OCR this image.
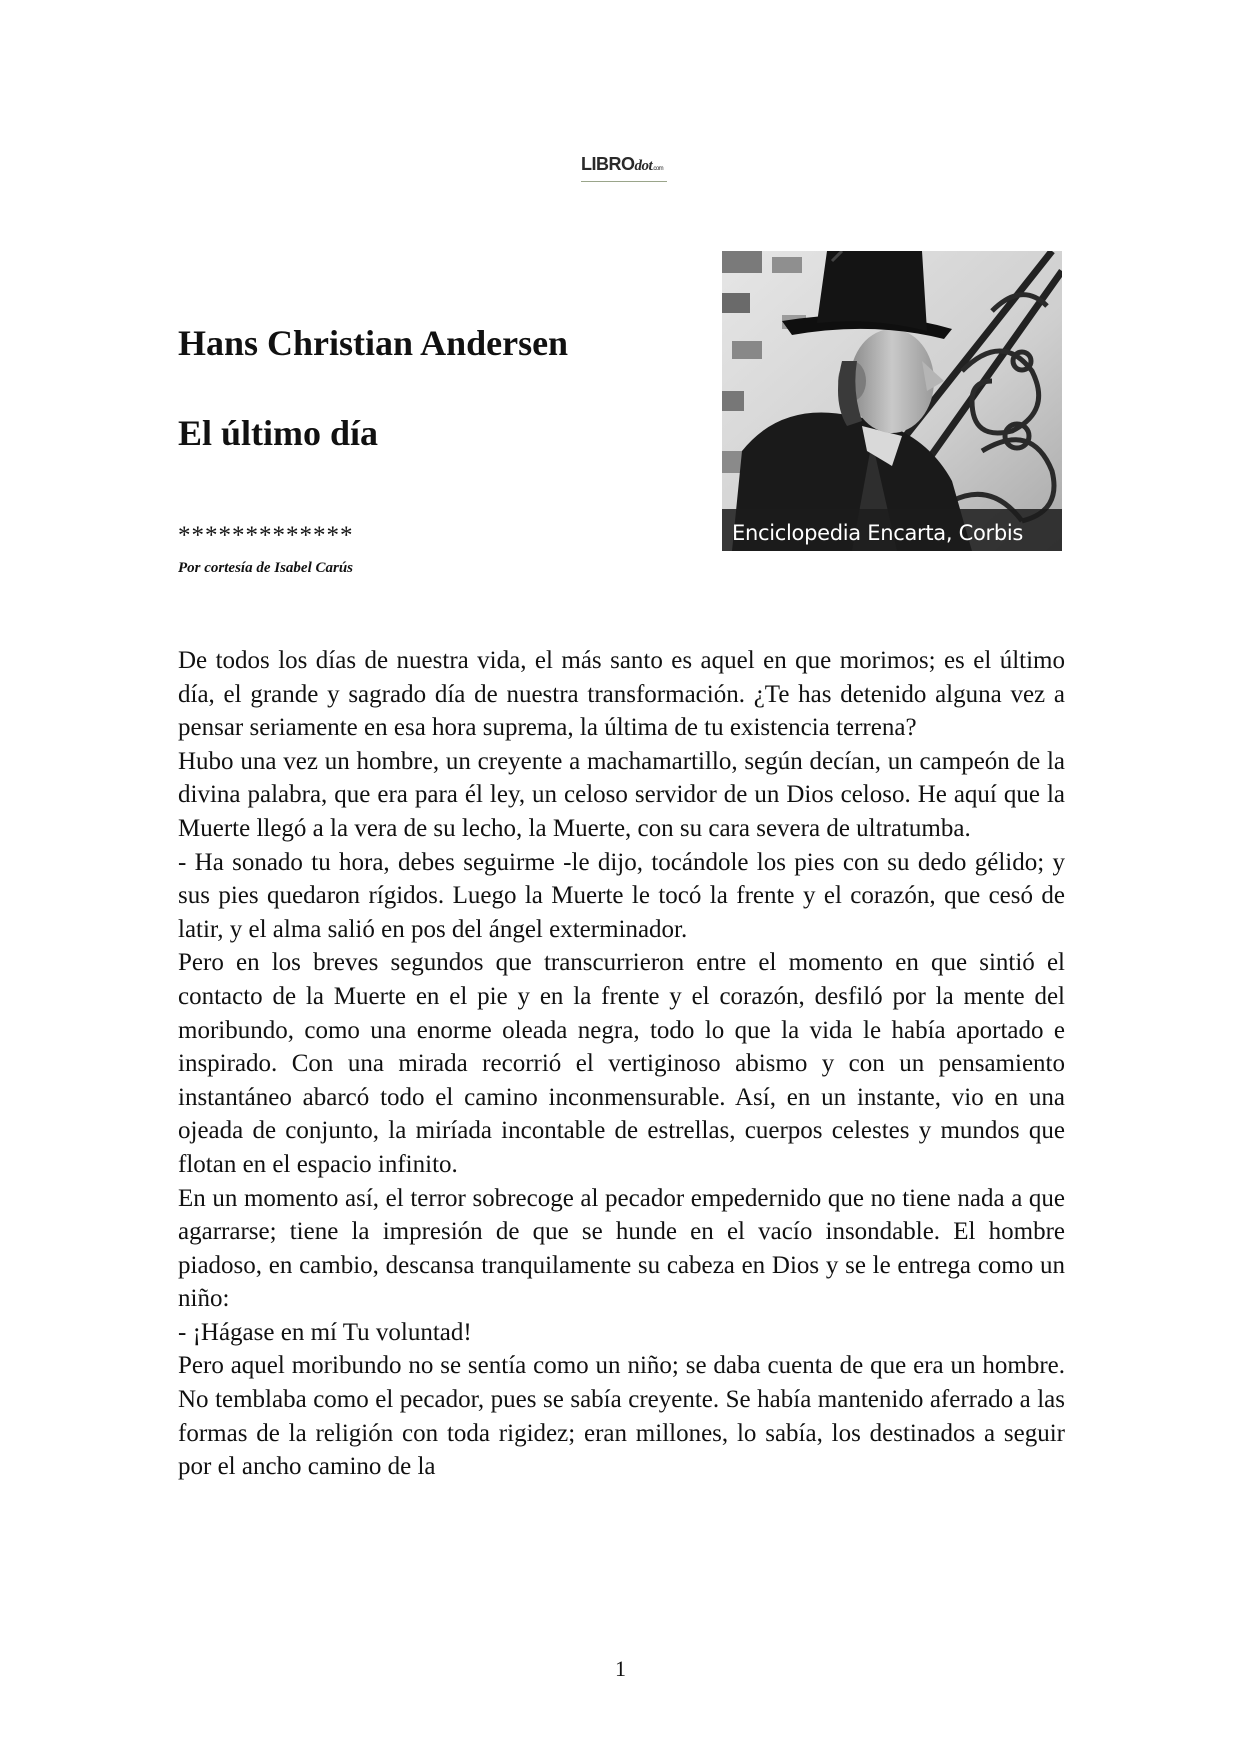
LIBROdot.com
Hans Christian Andersen
El último día
*************
Por cortesía de Isabel Carús
Enciclopedia Encarta, Corbis

De todos los días de nuestra vida, el más santo es aquel en que morimos; es el último día, el grande y sagrado día de nuestra transformación. ¿Te has detenido alguna vez a pensar seriamente en esa hora suprema, la última de tu existencia terrena?

Hubo una vez un hombre, un creyente a machamartillo, según decían, un campeón de la divina palabra, que era para él ley, un celoso servidor de un Dios celoso. He aquí que la Muerte llegó a la vera de su lecho, la Muerte, con su cara severa de ultratumba.

- Ha sonado tu hora, debes seguirme -le dijo, tocándole los pies con su dedo gélido; y sus pies quedaron rígidos. Luego la Muerte le tocó la frente y el corazón, que cesó de latir, y el alma salió en pos del ángel exterminador.

Pero en los breves segundos que transcurrieron entre el momento en que sintió el contacto de la Muerte en el pie y en la frente y el corazón, desfiló por la mente del moribundo, como una enorme oleada negra, todo lo que la vida le había aportado e inspirado. Con una mirada recorrió el vertiginoso abismo y con un pensamiento instantáneo abarcó todo el camino inconmensurable. Así, en un instante, vio en una ojeada de conjunto, la miríada incontable de estrellas, cuerpos celestes y mundos que flotan en el espacio infinito.

En un momento así, el terror sobrecoge al pecador empedernido que no tiene nada a que agarrarse; tiene la impresión de que se hunde en el vacío insondable. El hombre piadoso, en cambio, descansa tranquilamente su cabeza en Dios y se le entrega como un niño:

- ¡Hágase en mí Tu voluntad!

Pero aquel moribundo no se sentía como un niño; se daba cuenta de que era un hombre. No temblaba como el pecador, pues se sabía creyente. Se había mantenido aferrado a las formas de la religión con toda rigidez; eran millones, lo sabía, los destinados a seguir por el ancho camino de la

1
